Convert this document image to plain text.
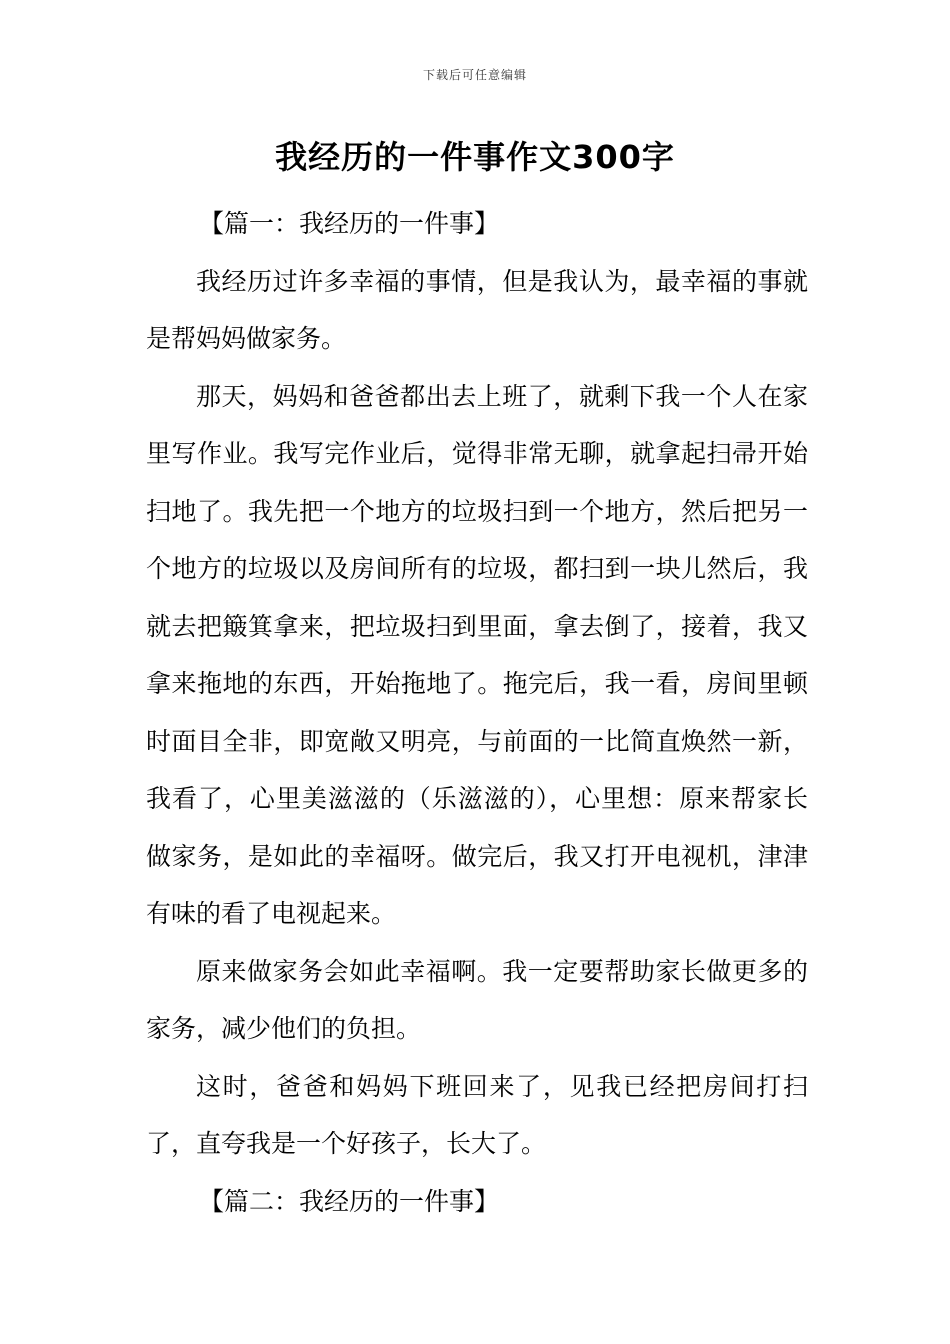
下载后可任意编辑
我经历的一件事作文300字

【篇一：我经历的一件事】

我经历过许多幸福的事情，但是我认为，最幸福的事就是帮妈妈做家务。

那天，妈妈和爸爸都出去上班了，就剩下我一个人在家里写作业。我写完作业后，觉得非常无聊，就拿起扫帚开始扫地了。我先把一个地方的垃圾扫到一个地方，然后把另一个地方的垃圾以及房间所有的垃圾，都扫到一块儿然后，我就去把簸箕拿来，把垃圾扫到里面，拿去倒了，接着，我又拿来拖地的东西，开始拖地了。拖完后，我一看，房间里顿时面目全非，即宽敞又明亮，与前面的一比简直焕然一新，我看了，心里美滋滋的（乐滋滋的），心里想：原来帮家长做家务，是如此的幸福呀。做完后，我又打开电视机，津津有味的看了电视起来。

原来做家务会如此幸福啊。我一定要帮助家长做更多的家务，减少他们的负担。

这时，爸爸和妈妈下班回来了，见我已经把房间打扫了，直夸我是一个好孩子，长大了。

【篇二：我经历的一件事】
